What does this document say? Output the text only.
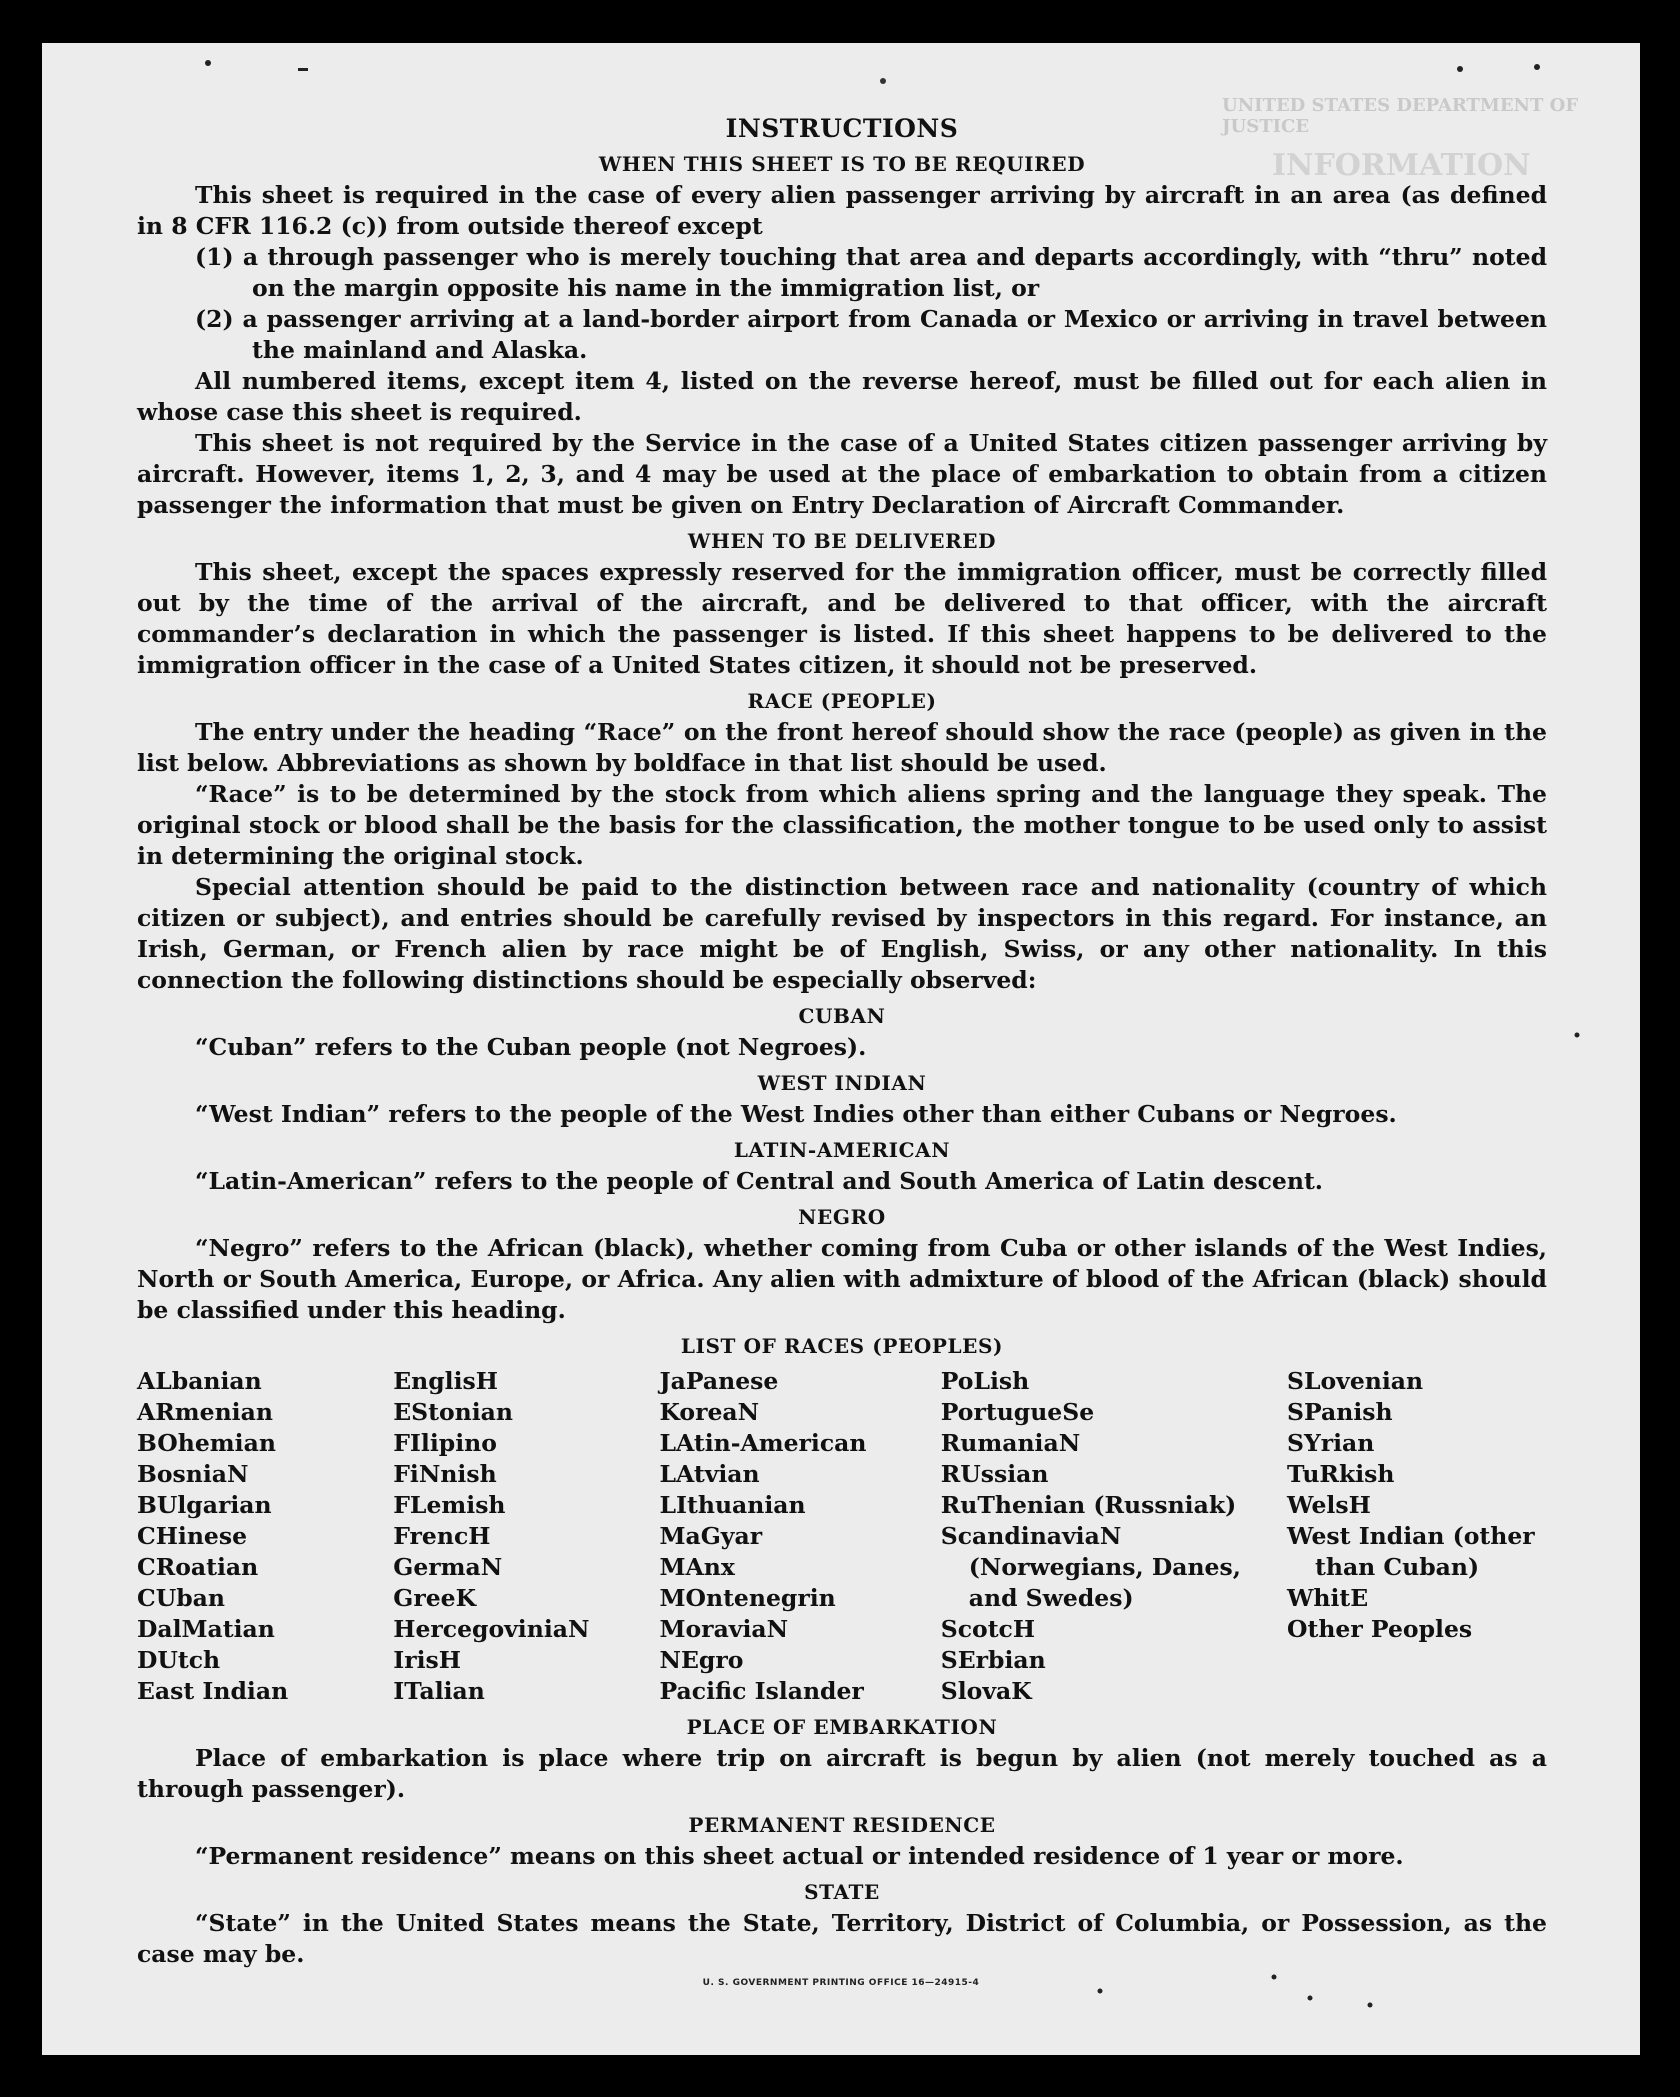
UNITED STATES DEPARTMENT OF JUSTICE
INFORMATION
INSTRUCTIONS
WHEN THIS SHEET IS TO BE REQUIRED

This sheet is required in the case of every alien passenger arriving by aircraft in an area (as defined in 8 CFR 116.2 (c)) from outside thereof except

(1) a through passenger who is merely touching that area and departs accordingly, with “thru” noted on the margin opposite his name in the immigration list, or

(2) a passenger arriving at a land-border airport from Canada or Mexico or arriving in travel between the mainland and Alaska.

All numbered items, except item 4, listed on the reverse hereof, must be filled out for each alien in whose case this sheet is required.

This sheet is not required by the Service in the case of a United States citizen passenger arriving by aircraft. However, items 1, 2, 3, and 4 may be used at the place of embarkation to obtain from a citizen passenger the information that must be given on Entry Declaration of Aircraft Commander.

WHEN TO BE DELIVERED

This sheet, except the spaces expressly reserved for the immigration officer, must be correctly filled out by the time of the arrival of the aircraft, and be delivered to that officer, with the aircraft commander’s declaration in which the passenger is listed. If this sheet happens to be delivered to the immigration officer in the case of a United States citizen, it should not be preserved.

RACE (PEOPLE)

The entry under the heading “Race” on the front hereof should show the race (people) as given in the list below. Abbreviations as shown by boldface in that list should be used.

“Race” is to be determined by the stock from which aliens spring and the language they speak. The original stock or blood shall be the basis for the classification, the mother tongue to be used only to assist in determining the original stock.

Special attention should be paid to the distinction between race and nationality (country of which citizen or subject), and entries should be carefully revised by inspectors in this regard. For instance, an Irish, German, or French alien by race might be of English, Swiss, or any other nationality. In this connection the following distinctions should be especially observed:

CUBAN

“Cuban” refers to the Cuban people (not Negroes).

WEST INDIAN

“West Indian” refers to the people of the West Indies other than either Cubans or Negroes.

LATIN-AMERICAN

“Latin-American” refers to the people of Central and South America of Latin descent.

NEGRO

“Negro” refers to the African (black), whether coming from Cuba or other islands of the West Indies, North or South America, Europe, or Africa. Any alien with admixture of blood of the African (black) should be classified under this heading.

LIST OF RACES (PEOPLES)
ALbanian
ARmenian
BOhemian
BosniaN
BUlgarian
CHinese
CRoatian
CUban
DalMatian
DUtch
East Indian
EnglisH
EStonian
FIlipino
FiNnish
FLemish
FrencH
GermaN
GreeK
HercegoviniaN
IrisH
ITalian
JaPanese
KoreaN
LAtin-American
LAtvian
LIthuanian
MaGyar
MAnx
MOntenegrin
MoraviaN
NEgro
Pacific Islander
PoLish
PortugueSe
RumaniaN
RUssian
RuThenian (Russniak)
ScandinaviaN (Norwegians, Danes, and Swedes)
ScotcH
SErbian
SlovaK
SLovenian
SPanish
SYrian
TuRkish
WelsH
West Indian (other than Cuban)
WhitE
Other Peoples
PLACE OF EMBARKATION

Place of embarkation is place where trip on aircraft is begun by alien (not merely touched as a through passenger).

PERMANENT RESIDENCE

“Permanent residence” means on this sheet actual or intended residence of 1 year or more.

STATE

“State” in the United States means the State, Territory, District of Columbia, or Possession, as the case may be.

U. S. GOVERNMENT PRINTING OFFICE 16—24915-4
